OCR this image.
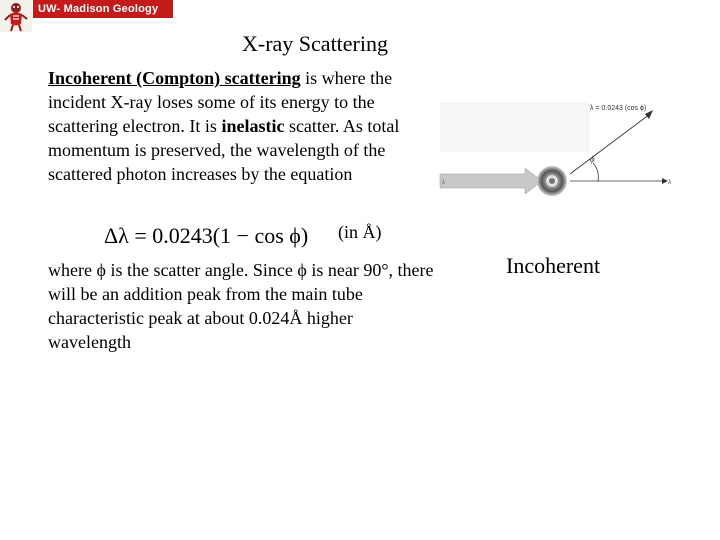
UW- Madison Geology 777
X-ray Scattering
Incoherent (Compton) scattering is where the incident X-ray loses some of its energy to the scattering electron. It is inelastic scatter. As total momentum is preserved, the wavelength of the scattered photon increases by the equation
Δλ = 0.0243(1 − cos ϕ) (in Å)
where ϕ is the scatter angle. Since ϕ is near 90°, there will be an addition peak from the main tube characteristic peak at about 0.024Å higher wavelength
λ = 0.0243 (cos ϕ)
λ	λ
ϕ
Incoherent
